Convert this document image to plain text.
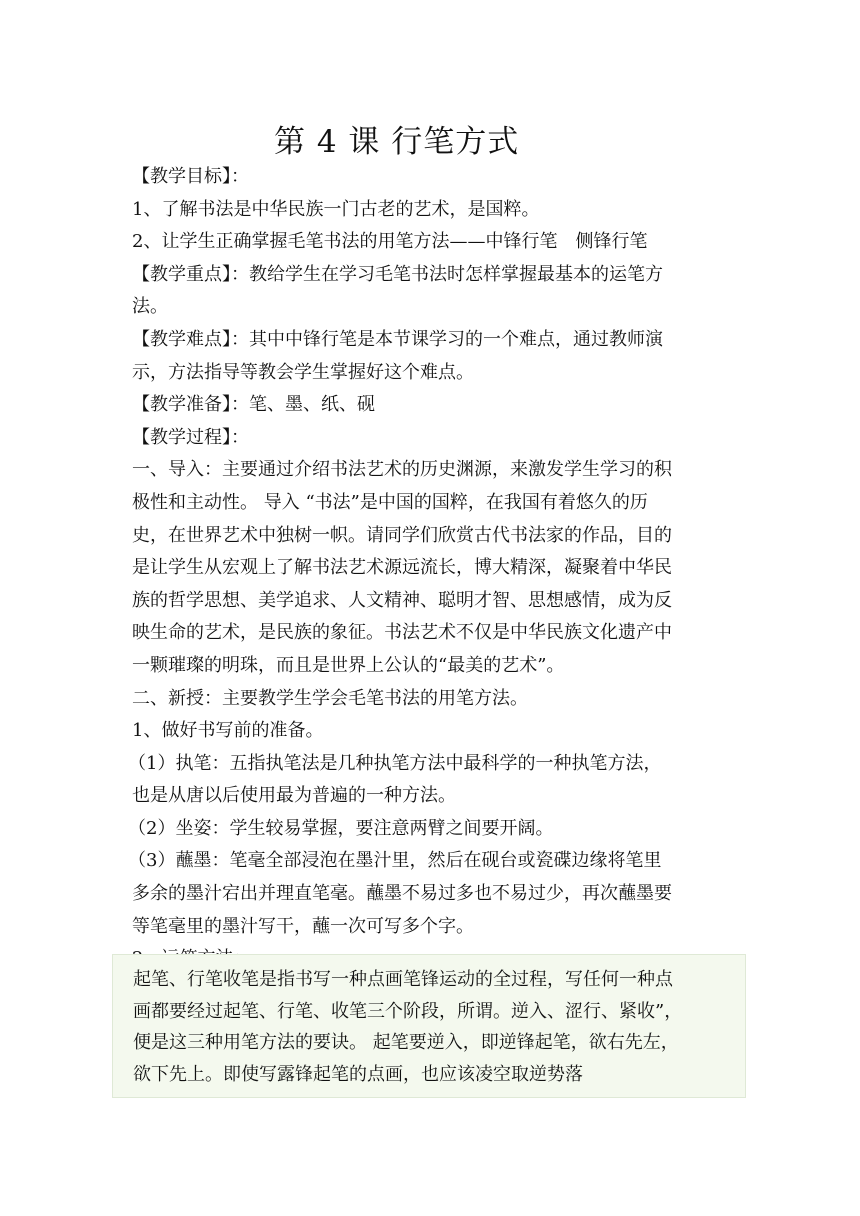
第 4 课 行笔方式
【教学目标】：
1、了解书法是中华民族一门古老的艺术，是国粹。
2、让学生正确掌握毛笔书法的用笔方法——中锋行笔　侧锋行笔
【教学重点】：教给学生在学习毛笔书法时怎样掌握最基本的运笔方
法。
【教学难点】：其中中锋行笔是本节课学习的一个难点，通过教师演
示，方法指导等教会学生掌握好这个难点。
【教学准备】：笔、墨、纸、砚
【教学过程】：
一、导入：主要通过介绍书法艺术的历史渊源，来激发学生学习的积
极性和主动性。 导入 “书法”是中国的国粹，在我国有着悠久的历
史，在世界艺术中独树一帜。请同学们欣赏古代书法家的作品，目的
是让学生从宏观上了解书法艺术源远流长，博大精深，凝聚着中华民
族的哲学思想、美学追求、人文精神、聪明才智、思想感情，成为反
映生命的艺术，是民族的象征。书法艺术不仅是中华民族文化遗产中
一颗璀璨的明珠，而且是世界上公认的“最美的艺术”。
二、新授：主要教学生学会毛笔书法的用笔方法。
1、做好书写前的准备。
（1）执笔：五指执笔法是几种执笔方法中最科学的一种执笔方法，
也是从唐以后使用最为普遍的一种方法。
（2）坐姿：学生较易掌握，要注意两臂之间要开阔。
（3）蘸墨：笔毫全部浸泡在墨汁里，然后在砚台或瓷碟边缘将笔里
多余的墨汁宕出并理直笔毫。蘸墨不易过多也不易过少，再次蘸墨要
等笔毫里的墨汁写干，蘸一次可写多个字。
起笔、行笔收笔是指书写一种点画笔锋运动的全过程，写任何一种点
画都要经过起笔、行笔、收笔三个阶段，所谓。逆入、涩行、紧收”，
便是这三种用笔方法的要诀。 起笔要逆入，即逆锋起笔，欲右先左，
欲下先上。即使写露锋起笔的点画，也应该凌空取逆势落
